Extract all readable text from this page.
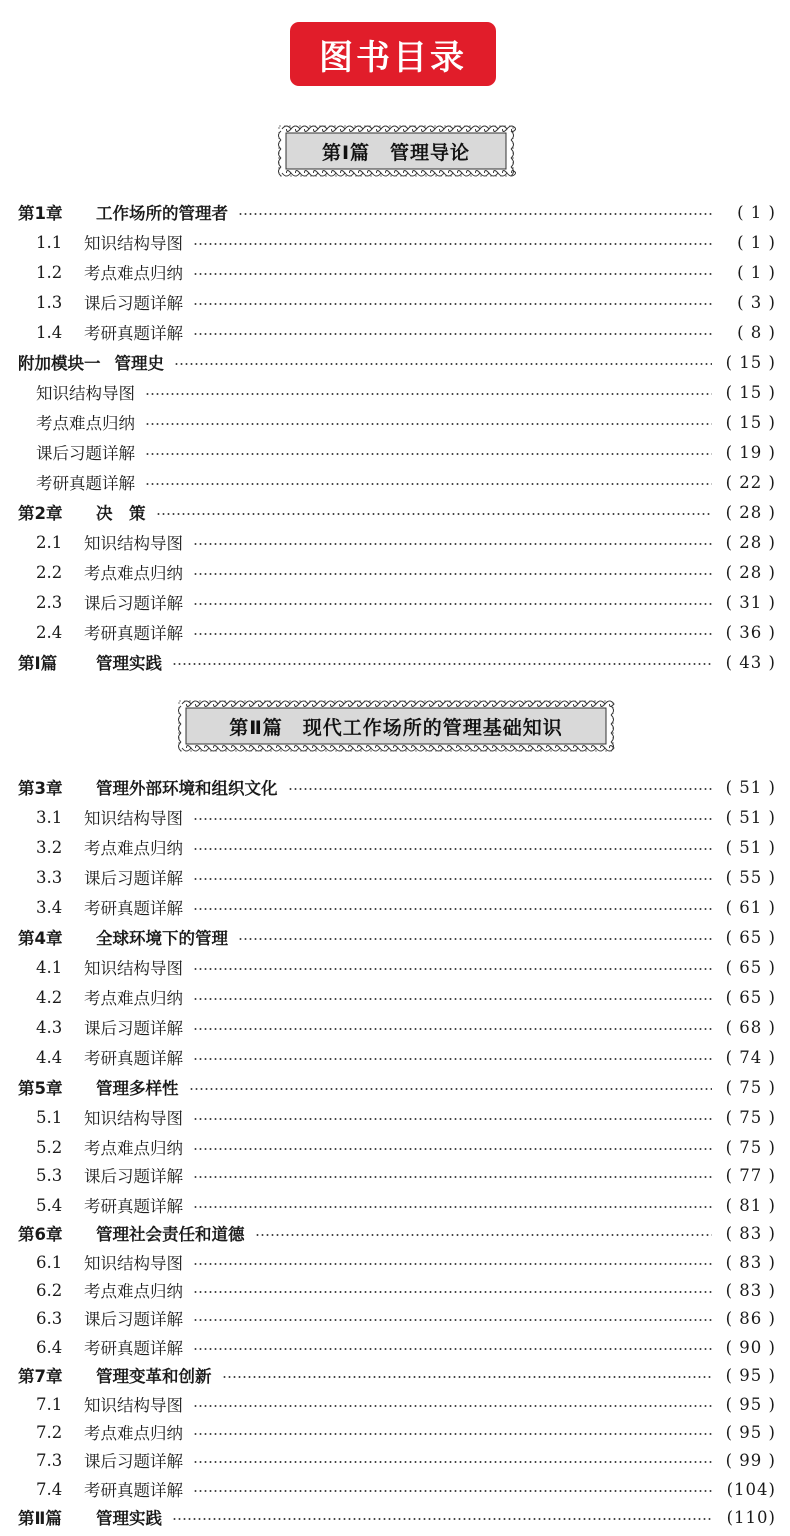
图书目录
第Ⅰ篇　管理导论
第Ⅱ篇　现代工作场所的管理基础知识
第1章	工作场所的管理者	( 1 )
1.1	知识结构导图	( 1 )
1.2	考点难点归纳	( 1 )
1.3	课后习题详解	( 3 )
1.4	考研真题详解	( 8 )
附加模块一 管理史	( 15 )
知识结构导图	( 15 )
考点难点归纳	( 15 )
课后习题详解	( 19 )
考研真题详解	( 22 )
第2章	决　策	( 28 )
2.1	知识结构导图	( 28 )
2.2	考点难点归纳	( 28 )
2.3	课后习题详解	( 31 )
2.4	考研真题详解	( 36 )
第Ⅰ篇	管理实践	( 43 )
第3章	管理外部环境和组织文化	( 51 )
3.1	知识结构导图	( 51 )
3.2	考点难点归纳	( 51 )
3.3	课后习题详解	( 55 )
3.4	考研真题详解	( 61 )
第4章	全球环境下的管理	( 65 )
4.1	知识结构导图	( 65 )
4.2	考点难点归纳	( 65 )
4.3	课后习题详解	( 68 )
4.4	考研真题详解	( 74 )
第5章	管理多样性	( 75 )
5.1	知识结构导图	( 75 )
5.2	考点难点归纳	( 75 )
5.3	课后习题详解	( 77 )
5.4	考研真题详解	( 81 )
第6章	管理社会责任和道德	( 83 )
6.1	知识结构导图	( 83 )
6.2	考点难点归纳	( 83 )
6.3	课后习题详解	( 86 )
6.4	考研真题详解	( 90 )
第7章	管理变革和创新	( 95 )
7.1	知识结构导图	( 95 )
7.2	考点难点归纳	( 95 )
7.3	课后习题详解	( 99 )
7.4	考研真题详解	(104)
第Ⅱ篇	管理实践	(110)
